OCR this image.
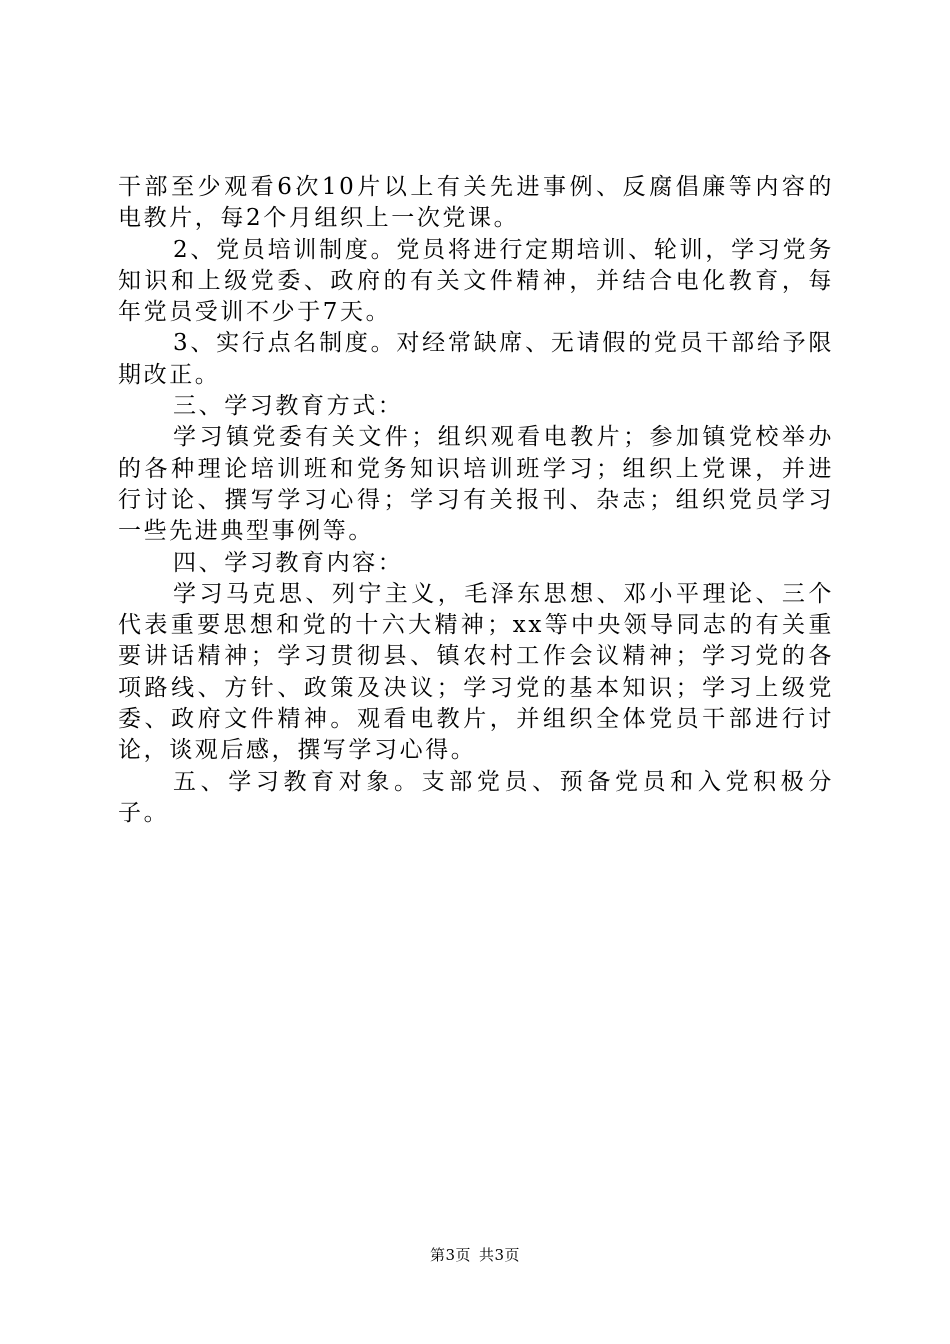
干部至少观看6次10片以上有关先进事例、反腐倡廉等内容的电教片，每2个月组织上一次党课。

2、党员培训制度。党员将进行定期培训、轮训，学习党务知识和上级党委、政府的有关文件精神，并结合电化教育，每年党员受训不少于7天。

3、实行点名制度。对经常缺席、无请假的党员干部给予限期改正。

三、学习教育方式：

学习镇党委有关文件；组织观看电教片；参加镇党校举办的各种理论培训班和党务知识培训班学习；组织上党课，并进行讨论、撰写学习心得；学习有关报刊、杂志；组织党员学习一些先进典型事例等。

四、学习教育内容：

学习马克思、列宁主义，毛泽东思想、邓小平理论、三个代表重要思想和党的十六大精神；xx等中央领导同志的有关重要讲话精神；学习贯彻县、镇农村工作会议精神；学习党的各项路线、方针、政策及决议；学习党的基本知识；学习上级党委、政府文件精神。观看电教片，并组织全体党员干部进行讨论，谈观后感，撰写学习心得。

五、学习教育对象。支部党员、预备党员和入党积极分子。

第3页 共3页
